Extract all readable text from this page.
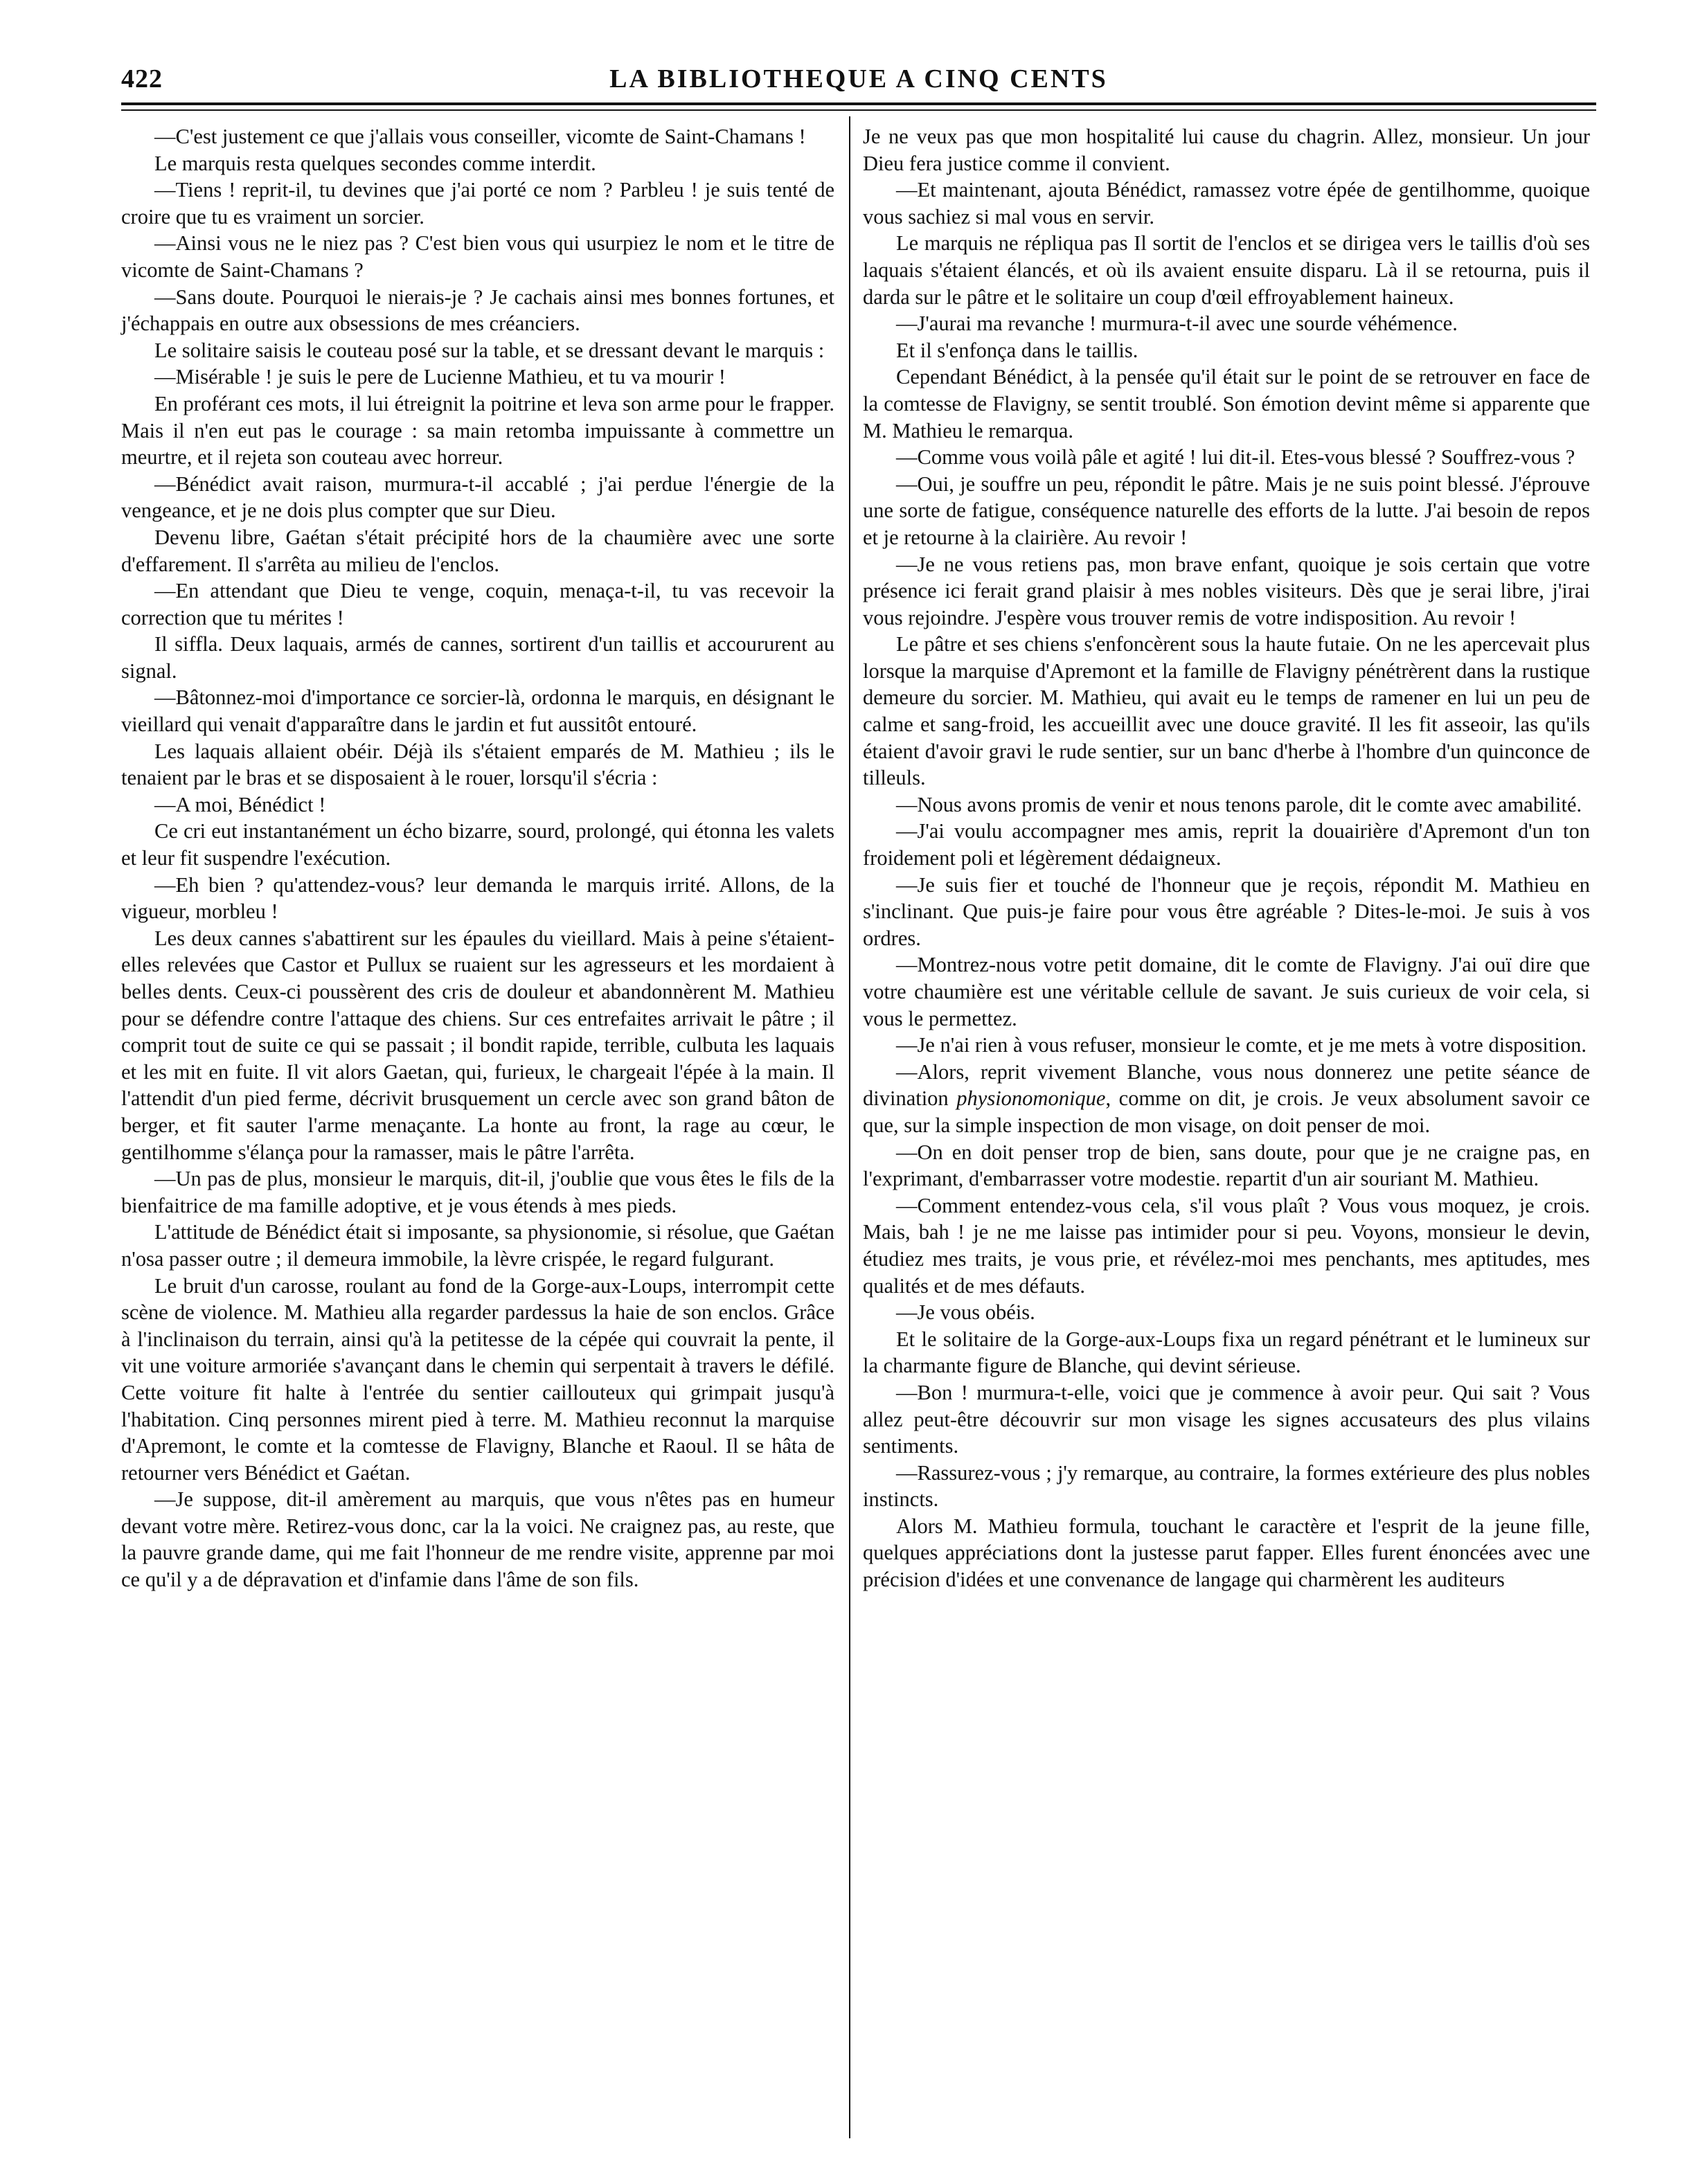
422	LA BIBLIOTHEQUE A CINQ CENTS

—C'est justement ce que j'allais vous conseiller, vicomte de Saint-Chamans !

Le marquis resta quelques secondes comme interdit.

—Tiens ! reprit-il, tu devines que j'ai porté ce nom ? Parbleu ! je suis tenté de croire que tu es vraiment un sorcier.

—Ainsi vous ne le niez pas ? C'est bien vous qui usurpiez le nom et le titre de vicomte de Saint-Chamans ?

—Sans doute. Pourquoi le nierais-je ? Je cachais ainsi mes bonnes fortunes, et j'échappais en outre aux obsessions de mes créanciers.

Le solitaire saisis le couteau posé sur la table, et se dressant devant le marquis :

—Misérable ! je suis le pere de Lucienne Mathieu, et tu va mourir !

En proférant ces mots, il lui étreignit la poitrine et leva son arme pour le frapper. Mais il n'en eut pas le courage : sa main retomba impuissante à commettre un meurtre, et il rejeta son couteau avec horreur.

—Bénédict avait raison, murmura-t-il accablé ; j'ai perdue l'énergie de la vengeance, et je ne dois plus compter que sur Dieu.

Devenu libre, Gaétan s'était précipité hors de la chaumière avec une sorte d'effarement. Il s'arrêta au milieu de l'enclos.

—En attendant que Dieu te venge, coquin, menaça-t-il, tu vas recevoir la correction que tu mérites !

Il siffla. Deux laquais, armés de cannes, sortirent d'un taillis et accoururent au signal.

—Bâtonnez-moi d'importance ce sorcier-là, ordonna le marquis, en désignant le vieillard qui venait d'apparaître dans le jardin et fut aussitôt entouré.

Les laquais allaient obéir. Déjà ils s'étaient emparés de M. Mathieu ; ils le tenaient par le bras et se disposaient à le rouer, lorsqu'il s'écria :

—A moi, Bénédict !

Ce cri eut instantanément un écho bizarre, sourd, prolongé, qui étonna les valets et leur fit suspendre l'exécution.

—Eh bien ? qu'attendez-vous? leur demanda le marquis irrité. Allons, de la vigueur, morbleu !

Les deux cannes s'abattirent sur les épaules du vieillard. Mais à peine s'étaient-elles relevées que Castor et Pullux se ruaient sur les agresseurs et les mordaient à belles dents. Ceux-ci poussèrent des cris de douleur et abandonnèrent M. Mathieu pour se défendre contre l'attaque des chiens. Sur ces entrefaites arrivait le pâtre ; il comprit tout de suite ce qui se passait ; il bondit rapide, terrible, culbuta les laquais et les mit en fuite. Il vit alors Gaetan, qui, furieux, le chargeait l'épée à la main. Il l'attendit d'un pied ferme, décrivit brusquement un cercle avec son grand bâton de berger, et fit sauter l'arme menaçante. La honte au front, la rage au cœur, le gentilhomme s'élança pour la ramasser, mais le pâtre l'arrêta.

—Un pas de plus, monsieur le marquis, dit-il, j'oublie que vous êtes le fils de la bienfaitrice de ma famille adoptive, et je vous étends à mes pieds.

L'attitude de Bénédict était si imposante, sa physionomie, si résolue, que Gaétan n'osa passer outre ; il demeura immobile, la lèvre crispée, le regard fulgurant.

Le bruit d'un carosse, roulant au fond de la Gorge-aux-Loups, interrompit cette scène de violence. M. Mathieu alla regarder pardessus la haie de son enclos. Grâce à l'inclinaison du terrain, ainsi qu'à la petitesse de la cépée qui couvrait la pente, il vit une voiture armoriée s'avançant dans le chemin qui serpentait à travers le défilé. Cette voiture fit halte à l'entrée du sentier caillouteux qui grimpait jusqu'à l'habitation. Cinq personnes mirent pied à terre. M. Mathieu reconnut la marquise d'Apremont, le comte et la comtesse de Flavigny, Blanche et Raoul. Il se hâta de retourner vers Bénédict et Gaétan.

—Je suppose, dit-il amèrement au marquis, que vous n'êtes pas en humeur devant votre mère. Retirez-vous donc, car la la voici. Ne craignez pas, au reste, que la pauvre grande dame, qui me fait l'honneur de me rendre visite, apprenne par moi ce qu'il y a de dépravation et d'infamie dans l'âme de son fils.

Je ne veux pas que mon hospitalité lui cause du chagrin. Allez, monsieur. Un jour Dieu fera justice comme il convient.

—Et maintenant, ajouta Bénédict, ramassez votre épée de gentilhomme, quoique vous sachiez si mal vous en servir.

Le marquis ne répliqua pas Il sortit de l'enclos et se dirigea vers le taillis d'où ses laquais s'étaient élancés, et où ils avaient ensuite disparu. Là il se retourna, puis il darda sur le pâtre et le solitaire un coup d'œil effroyablement haineux.

—J'aurai ma revanche ! murmura-t-il avec une sourde véhémence.

Et il s'enfonça dans le taillis.

Cependant Bénédict, à la pensée qu'il était sur le point de se retrouver en face de la comtesse de Flavigny, se sentit troublé. Son émotion devint même si apparente que M. Mathieu le remarqua.

—Comme vous voilà pâle et agité ! lui dit-il. Etes-vous blessé ? Souffrez-vous ?

—Oui, je souffre un peu, répondit le pâtre. Mais je ne suis point blessé. J'éprouve une sorte de fatigue, conséquence naturelle des efforts de la lutte. J'ai besoin de repos et je retourne à la clairière. Au revoir !

—Je ne vous retiens pas, mon brave enfant, quoique je sois certain que votre présence ici ferait grand plaisir à mes nobles visiteurs. Dès que je serai libre, j'irai vous rejoindre. J'espère vous trouver remis de votre indisposition. Au revoir !

Le pâtre et ses chiens s'enfoncèrent sous la haute futaie. On ne les apercevait plus lorsque la marquise d'Apremont et la famille de Flavigny pénétrèrent dans la rustique demeure du sorcier. M. Mathieu, qui avait eu le temps de ramener en lui un peu de calme et sang-froid, les accueillit avec une douce gravité. Il les fit asseoir, las qu'ils étaient d'avoir gravi le rude sentier, sur un banc d'herbe à l'hombre d'un quinconce de tilleuls.

—Nous avons promis de venir et nous tenons parole, dit le comte avec amabilité.

—J'ai voulu accompagner mes amis, reprit la douairière d'Apremont d'un ton froidement poli et légèrement dédaigneux.

—Je suis fier et touché de l'honneur que je reçois, répondit M. Mathieu en s'inclinant. Que puis-je faire pour vous être agréable ? Dites-le-moi. Je suis à vos ordres.

—Montrez-nous votre petit domaine, dit le comte de Flavigny. J'ai ouï dire que votre chaumière est une véritable cellule de savant. Je suis curieux de voir cela, si vous le permettez.

—Je n'ai rien à vous refuser, monsieur le comte, et je me mets à votre disposition.

—Alors, reprit vivement Blanche, vous nous donnerez une petite séance de divination physionomonique, comme on dit, je crois. Je veux absolument savoir ce que, sur la simple inspection de mon visage, on doit penser de moi.

—On en doit penser trop de bien, sans doute, pour que je ne craigne pas, en l'exprimant, d'embarrasser votre modestie. repartit d'un air souriant M. Mathieu.

—Comment entendez-vous cela, s'il vous plaît ? Vous vous moquez, je crois. Mais, bah ! je ne me laisse pas intimider pour si peu. Voyons, monsieur le devin, étudiez mes traits, je vous prie, et révélez-moi mes penchants, mes aptitudes, mes qualités et de mes défauts.

—Je vous obéis.

Et le solitaire de la Gorge-aux-Loups fixa un regard pénétrant et le lumineux sur la charmante figure de Blanche, qui devint sérieuse.

—Bon ! murmura-t-elle, voici que je commence à avoir peur. Qui sait ? Vous allez peut-être découvrir sur mon visage les signes accusateurs des plus vilains sentiments.

—Rassurez-vous ; j'y remarque, au contraire, la formes extérieure des plus nobles instincts.

Alors M. Mathieu formula, touchant le caractère et l'esprit de la jeune fille, quelques appréciations dont la justesse parut fapper. Elles furent énoncées avec une précision d'idées et une convenance de langage qui charmèrent les auditeurs
